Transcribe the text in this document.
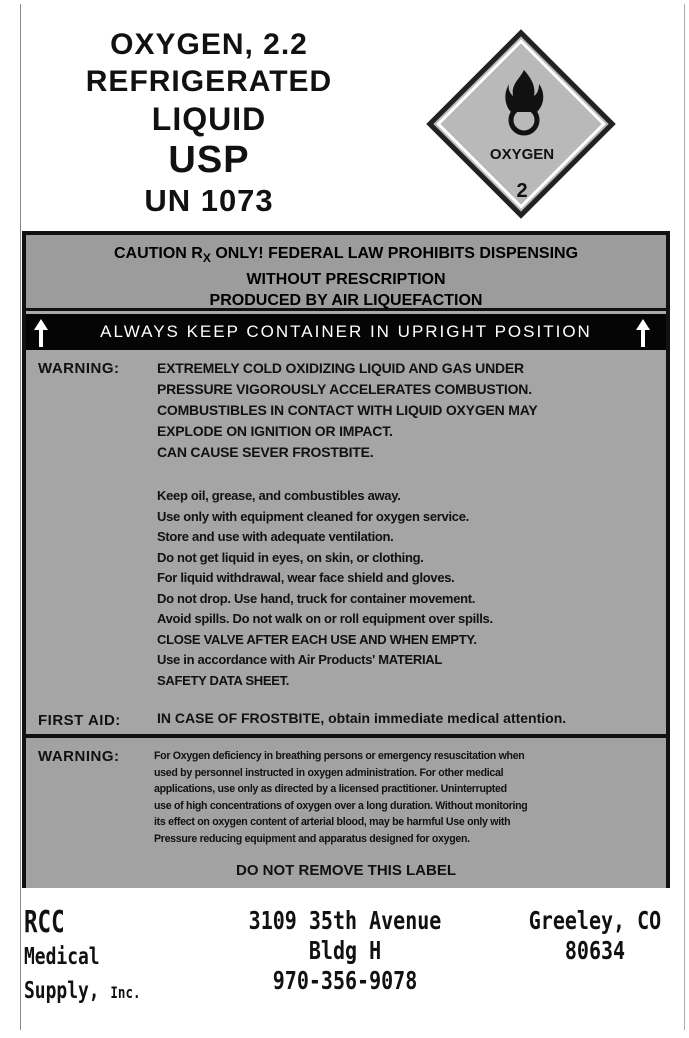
OXYGEN, 2.2
REFRIGERATED
LIQUID
USP
UN 1073
OXYGEN
2
CAUTION $R_X$ ONLY! FEDERAL LAW PROHIBITS DISPENSING
WITHOUT PRESCRIPTION
PRODUCED BY AIR LIQUEFACTION
ALWAYS KEEP CONTAINER IN UPRIGHT POSITION
WARNING:	EXTREMELY COLD OXIDIZING LIQUID AND GAS UNDER
PRESSURE VIGOROUSLY ACCELERATES COMBUSTION.
COMBUSTIBLES IN CONTACT WITH LIQUID OXYGEN MAY
EXPLODE ON IGNITION OR IMPACT.
CAN CAUSE SEVER FROSTBITE.
Keep oil, grease, and combustibles away.
Use only with equipment cleaned for oxygen service.
Store and use with adequate ventilation.
Do not get liquid in eyes, on skin, or clothing.
For liquid withdrawal, wear face shield and gloves.
Do not drop. Use hand, truck for container movement.
Avoid spills. Do not walk on or roll equipment over spills.
CLOSE VALVE AFTER EACH USE AND WHEN EMPTY.
Use in accordance with Air Products' MATERIAL
SAFETY DATA SHEET.
FIRST AID:	IN CASE OF FROSTBITE, obtain immediate medical attention.
WARNING:	For Oxygen deficiency in breathing persons or emergency resuscitation when
used by personnel instructed in oxygen administration. For other medical
applications, use only as directed by a licensed practitioner. Uninterrupted
use of high concentrations of oxygen over a long duration. Without monitoring
its effect on oxygen content of arterial blood, may be harmful Use only with
Pressure reducing equipment and apparatus designed for oxygen.
DO NOT REMOVE THIS LABEL
RCC
Medical
Supply, Inc.
3109 35th Avenue
Bldg H
970-356-9078
Greeley, CO
80634
